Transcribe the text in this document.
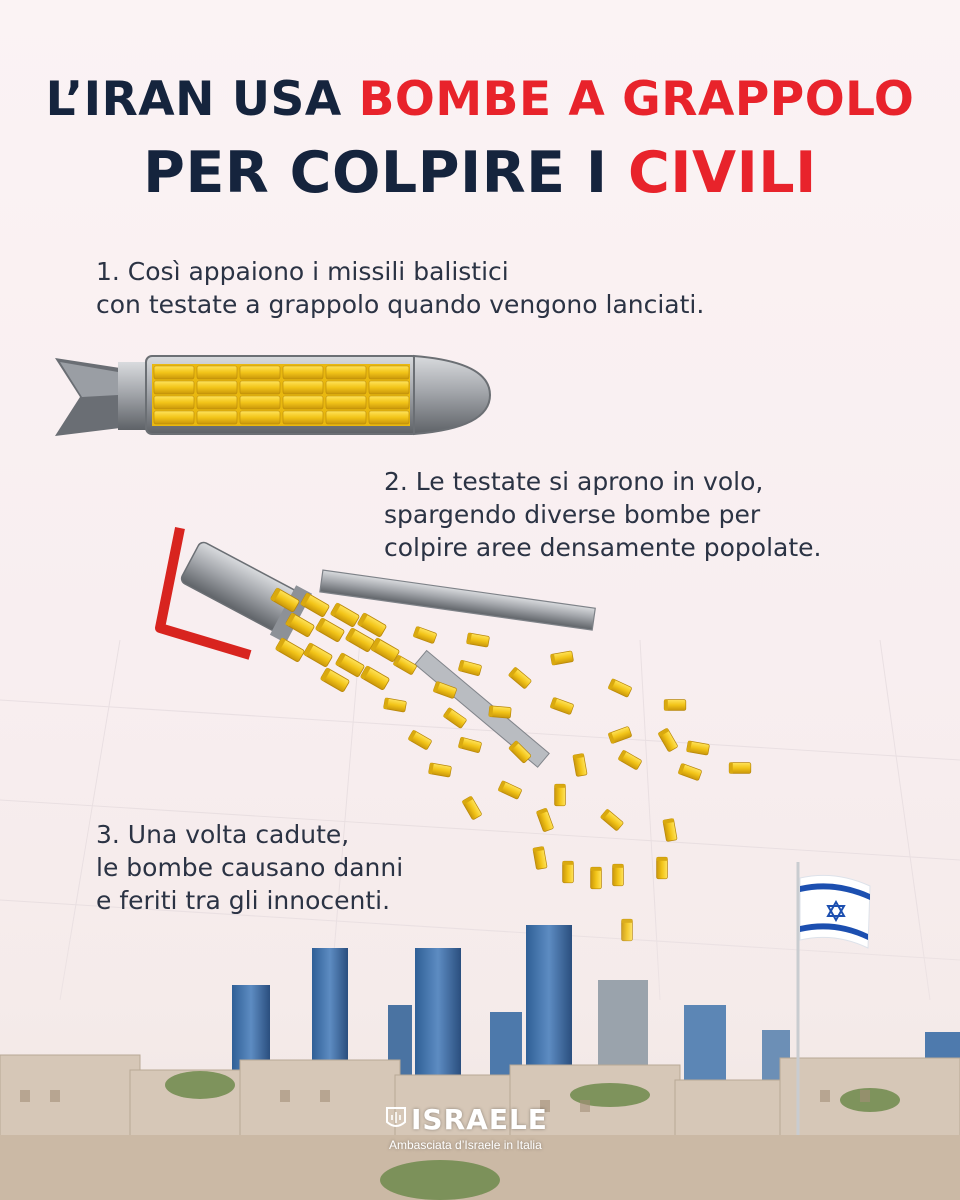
L’IRAN USA BOMBE A GRAPPOLO
PER COLPIRE I CIVILI
1. Così appaiono i missili balistici
con testate a grappolo quando vengono lanciati.
2. Le testate si aprono in volo,
spargendo diverse bombe per
colpire aree densamente popolate.
3. Una volta cadute,
le bombe causano danni
e feriti tra gli innocenti.
ISRAELE
Ambasciata d’Israele in Italia
